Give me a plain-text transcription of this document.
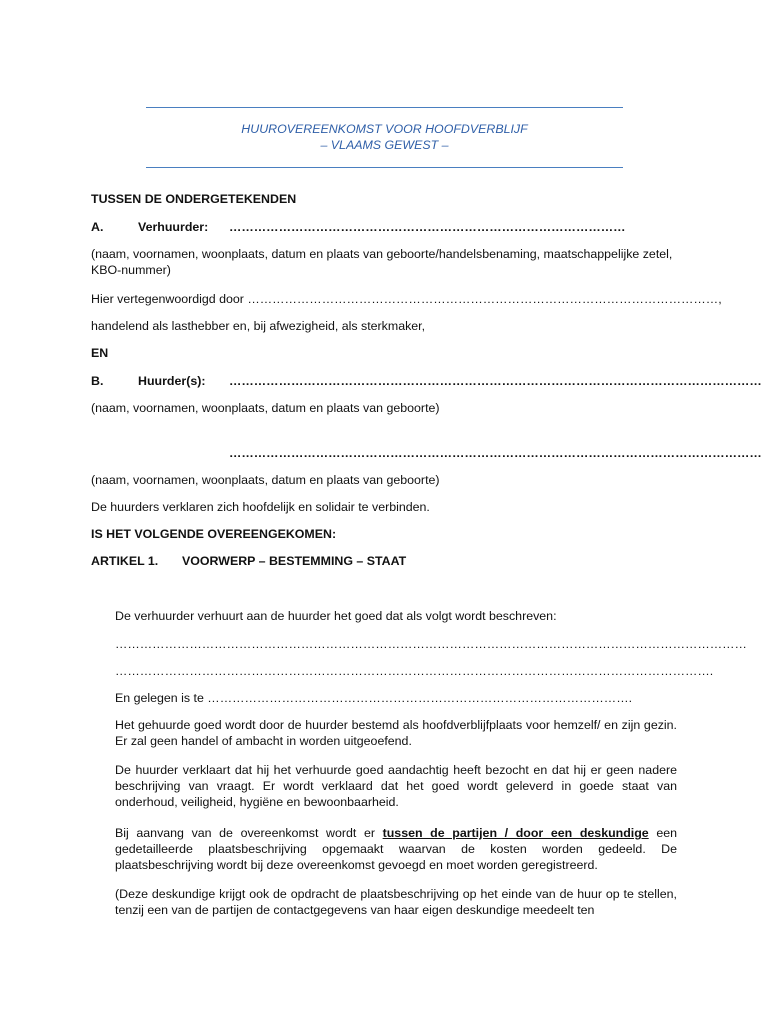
HUUROVEREENKOMST VOOR HOOFDVERBLIJF
– VLAAMS GEWEST –
TUSSEN DE ONDERGETEKENDEN
A.	Verhuurder: ……………………………………………………………………………………
(naam, voornamen, woonplaats, datum en plaats van geboorte/handelsbenaming, maatschappelijke zetel, KBO-nummer)
Hier vertegenwoordigd door ……………………………………………………………………………………………………,
handelend als lasthebber en, bij afwezigheid, als sterkmaker,
EN
B.	Huurder(s): …………………………………………………………………………………………………………………
(naam, voornamen, woonplaats, datum en plaats van geboorte)
…………………………………………………………………………………………………………………
(naam, voornamen, woonplaats, datum en plaats van geboorte)
De huurders verklaren zich hoofdelijk en solidair te verbinden.
IS HET VOLGENDE OVEREENGEKOMEN:
ARTIKEL 1. VOORWERP – BESTEMMING – STAAT
De verhuurder verhuurt aan de huurder het goed dat als volgt wordt beschreven:
………………………………………………………………………………………………………………………………………
……………………………………………………………………………………………………………………………….
En gelegen is te ………………………………………………………………………………………….
Het gehuurde goed wordt door de huurder bestemd als hoofdverblijfplaats voor hemzelf/ en zijn gezin. Er zal geen handel of ambacht in worden uitgeoefend.
De huurder verklaart dat hij het verhuurde goed aandachtig heeft bezocht en dat hij er geen nadere beschrijving van vraagt. Er wordt verklaard dat het goed wordt geleverd in goede staat van onderhoud, veiligheid, hygiëne en bewoonbaarheid.
Bij aanvang van de overeenkomst wordt er tussen de partijen / door een deskundige een gedetailleerde plaatsbeschrijving opgemaakt waarvan de kosten worden gedeeld. De plaatsbeschrijving wordt bij deze overeenkomst gevoegd en moet worden geregistreerd.
(Deze deskundige krijgt ook de opdracht de plaatsbeschrijving op het einde van de huur op te stellen, tenzij een van de partijen de contactgegevens van haar eigen deskundige meedeelt ten
